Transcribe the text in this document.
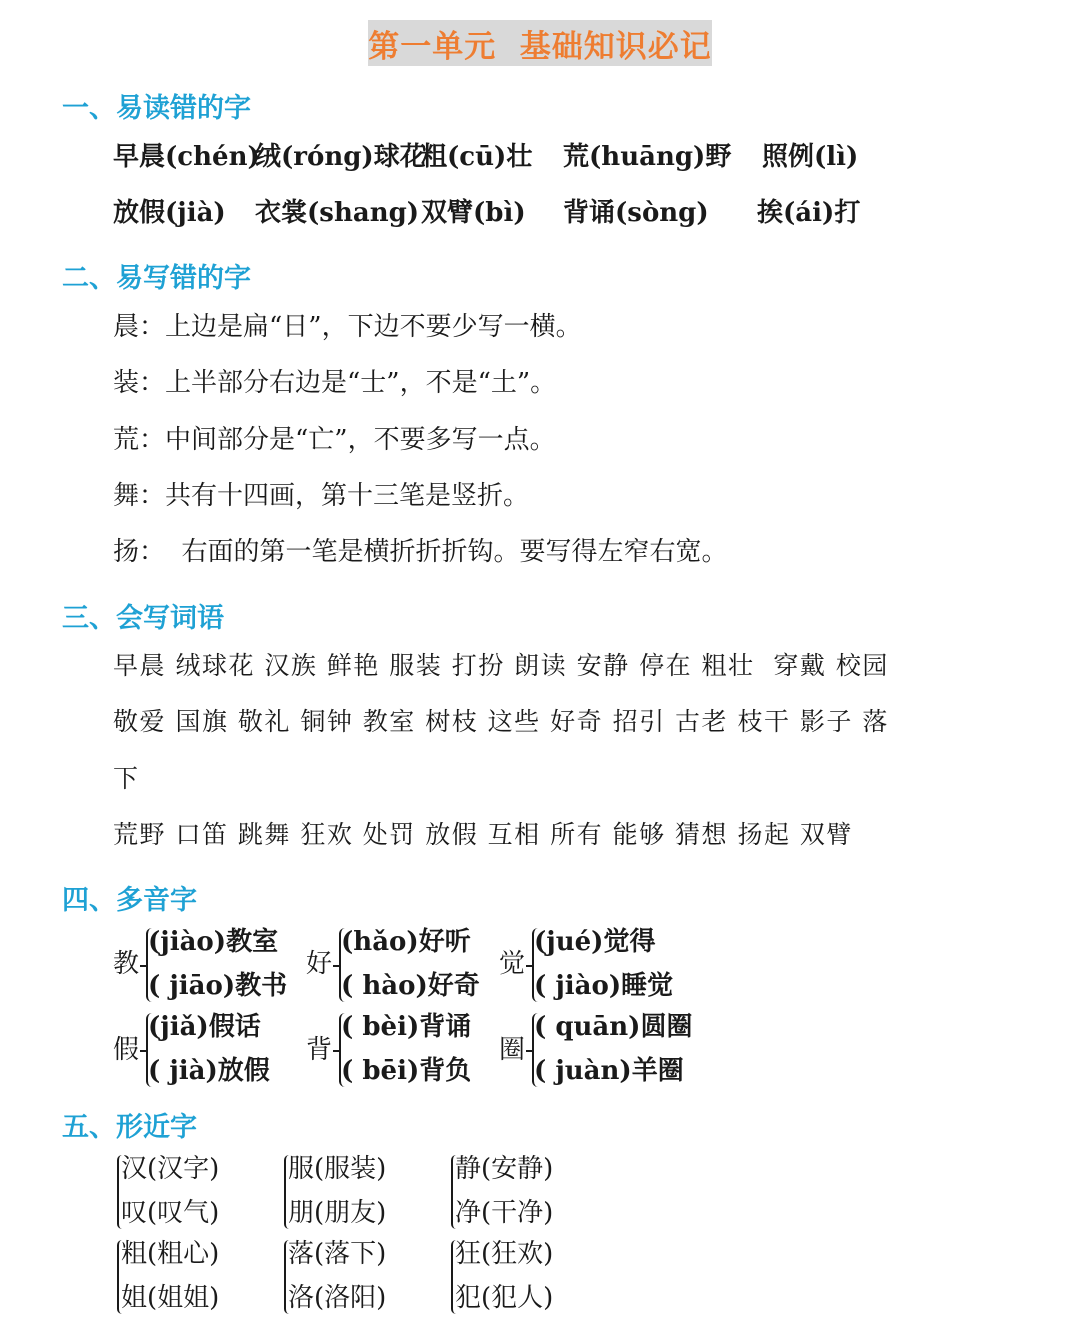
第一单元  基础知识必记
一、易读错的字
早晨(chén)
绒(róng)球花
粗(cū)壮 荒(huāng)野 照例(lì)
放假(jià) 衣裳(shang) 双臂(bì) 背诵(sòng) 挨(ái)打
二、易写错的字
晨：上边是扁“日”，下边不要少写一横。
装：上半部分右边是“士”，不是“土”。
荒：中间部分是“亡”，不要多写一点。
舞：共有十四画，第十三笔是竖折。
扬：  右面的第一笔是横折折折钩。要写得左窄右宽。
三、会写词语
早晨 绒球花 汉族 鲜艳 服装 打扮 朗读 安静 停在 粗壮  穿戴 校园
敬爱 国旗 敬礼 铜钟 教室 树枝 这些 好奇 招引 古老 枝干 影子 落
下
荒野 口笛 跳舞 狂欢 处罚 放假 互相 所有 能够 猜想 扬起 双臂
四、多音字
教
(jiào)教室
( jiāo)教书
好
(hǎo)好听
( hào)好奇
觉
(jué)觉得
( jiào)睡觉
假
(jiǎ)假话
( jià)放假
背
( bèi)背诵
( bēi)背负
圈
( quān)圆圈
( juàn)羊圈
五、形近字
汉(汉字)
叹(叹气)
服(服装)
朋(朋友)
静(安静)
净(干净)
粗(粗心)
姐(姐姐)
落(落下)
洛(洛阳)
狂(狂欢)
犯(犯人)
